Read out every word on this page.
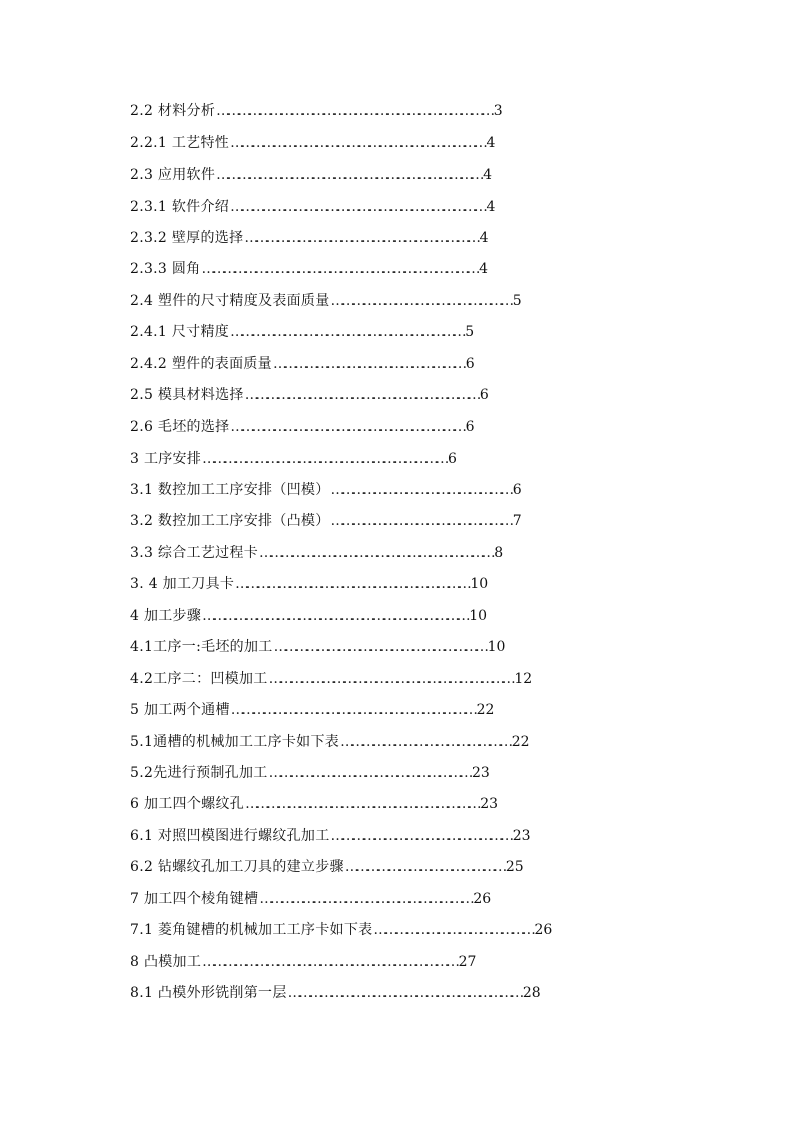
2.2 材料分析…………………………………………………………………… 3
2.2.1 工艺特性……………………………………………………………… 4
2.3 应用软件………………………………………………………………… 4
2.3.1 软件介绍……………………………………………………………… 4
2.3.2 壁厚的选择………………………………………………………… 4
2.3.3 圆角…………………………………………………………………… 4
2.4 塑件的尺寸精度及表面质量…………………………………………… 5
2.4.1 尺寸精度………………………………………………………… 5
2.4.2 塑件的表面质量……………………………………………… 6
2.5 模具材料选择………………………………………………………… 6
2.6 毛坯的选择………………………………………………………… 6
3 工序安排…………………………………………………………… 6
3.1 数控加工工序安排（凹模）…………………………………………… 6
3.2 数控加工工序安排（凸模）…………………………………………… 7
3.3 综合工艺过程卡………………………………………………………… 8
3. 4 加工刀具卡………………………………………………………… 10
4 加工步骤………………………………………………………………… 10
4.1工序一:毛坯的加工…………………………………………………… 10
4.2工序二：凹模加工…………………………………………………………… 12
5 加工两个通槽…………………………………………………………… 22
5.1通槽的机械加工工序卡如下表………………………………………… 22
5.2先进行预制孔加工………………………………………………… 23
6 加工四个螺纹孔………………………………………………………… 23
6.1 对照凹模图进行螺纹孔加工…………………………………………… 23
6.2 钻螺纹孔加工刀具的建立步骤……………………………………… 25
7 加工四个棱角键槽…………………………………………………… 26
7.1 菱角键槽的机械加工工序卡如下表……………………………………… 26
8 凸模加工……………………………………………………………… 27
8.1 凸模外形铣削第一层………………………………………………………… 28
